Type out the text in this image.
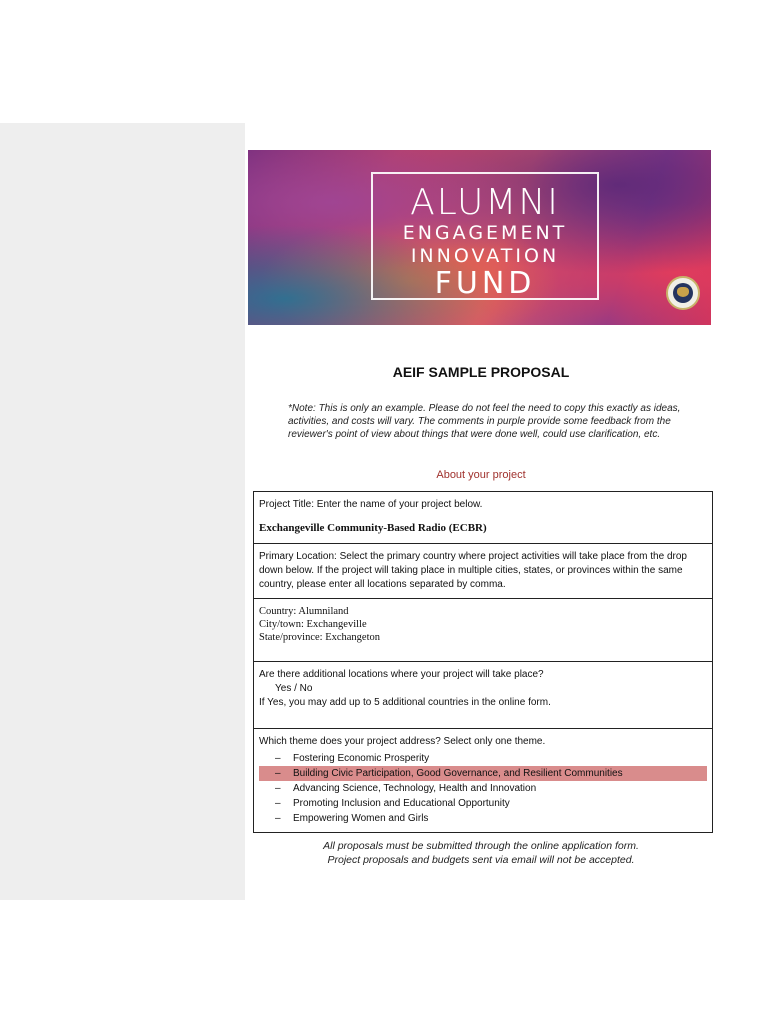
ALUMNI
ENGAGEMENT
INNOVATION
FUND
AEIF SAMPLE PROPOSAL
*Note: This is only an example. Please do not feel the need to copy this exactly as ideas, activities, and costs will vary. The comments in purple provide some feedback from the reviewer's point of view about things that were done well, could use clarification, etc.
About your project
Project Title: Enter the name of your project below.
Exchangeville Community-Based Radio (ECBR)

Primary Location: Select the primary country where project activities will take place from the drop down below. If the project will taking place in multiple cities, states, or provinces within the same country, please enter all locations separated by comma.

Country: Alumniland
City/town: Exchangeville
State/province: Exchangeton

Are there additional locations where your project will take place?
Yes / No
If Yes, you may add up to 5 additional countries in the online form.

Which theme does your project address? Select only one theme.
–	Fostering Economic Prosperity
–	Building Civic Participation, Good Governance, and Resilient Communities
–	Advancing Science, Technology, Health and Innovation
–	Promoting Inclusion and Educational Opportunity
–	Empowering Women and Girls
All proposals must be submitted through the online application form.
Project proposals and budgets sent via email will not be accepted.
